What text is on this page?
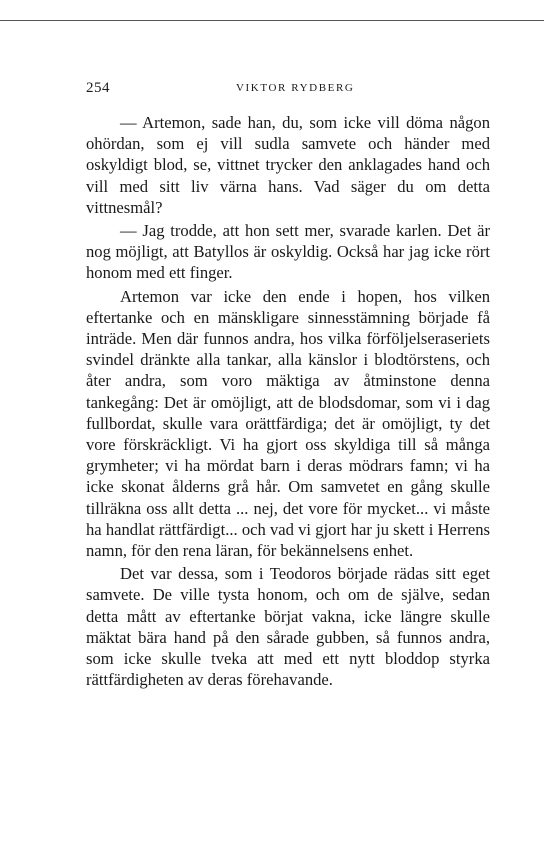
254	VIKTOR RYDBERG

— Artemon, sade han, du, som icke vill döma någon ohördan, som ej vill sudla samvete och händer med oskyldigt blod, se, vittnet trycker den anklagades hand och vill med sitt liv värna hans. Vad säger du om detta vittnesmål?

— Jag trodde, att hon sett mer, svarade karlen. Det är nog möjligt, att Batyllos är oskyldig. Också har jag icke rört honom med ett finger.

Artemon var icke den ende i hopen, hos vilken eftertanke och en mänskligare sinnesstämning började få inträde. Men där funnos andra, hos vilka förföljelseraseriets svindel dränkte alla tankar, alla känslor i blodtörstens, och åter andra, som voro mäktiga av åtminstone denna tankegång: Det är omöjligt, att de blodsdomar, som vi i dag fullbordat, skulle vara orättfärdiga; det är omöjligt, ty det vore förskräckligt. Vi ha gjort oss skyldiga till så många grymheter; vi ha mördat barn i deras mödrars famn; vi ha icke skonat ålderns grå hår. Om samvetet en gång skulle tillräkna oss allt detta ... nej, det vore för mycket... vi måste ha handlat rättfärdigt... och vad vi gjort har ju skett i Herrens namn, för den rena läran, för bekännelsens enhet.

Det var dessa, som i Teodoros började rädas sitt eget samvete. De ville tysta honom, och om de själve, sedan detta mått av eftertanke börjat vakna, icke längre skulle mäktat bära hand på den sårade gubben, så funnos andra, som icke skulle tveka att med ett nytt bloddop styrka rättfärdigheten av deras förehavande.
